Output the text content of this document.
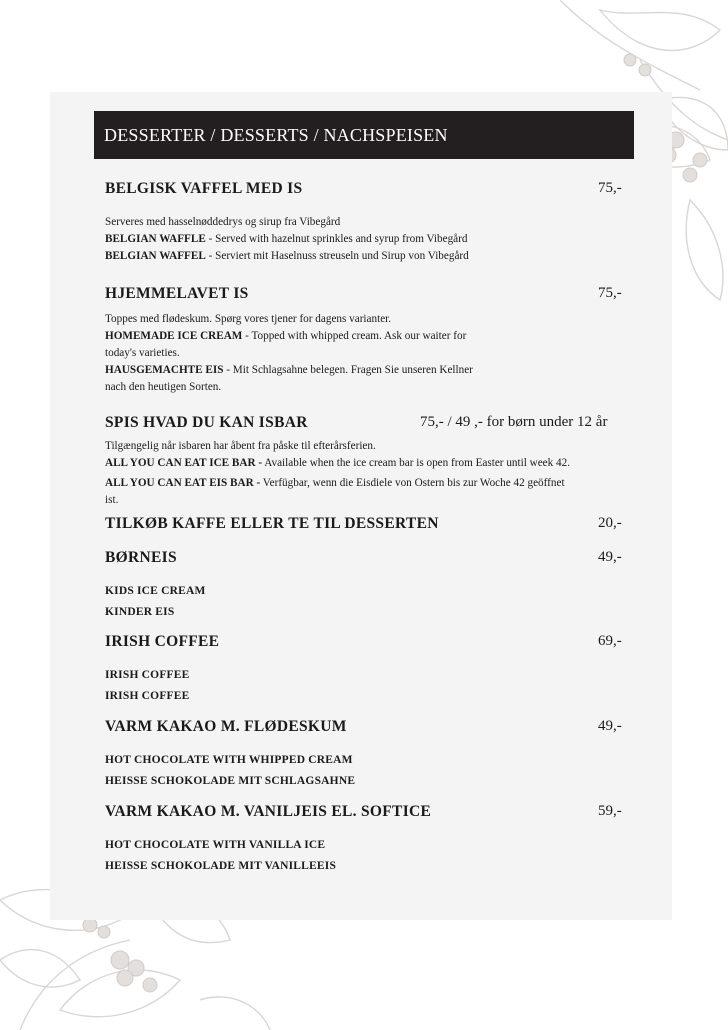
DESSERTER / DESSERTS / NACHSPEISEN
BELGISK VAFFEL MED IS	75,-
Serveres med hasselnøddedrys og sirup fra Vibegård
BELGIAN WAFFLE - Served with hazelnut sprinkles and syrup from Vibegård
BELGIAN WAFFEL - Serviert mit Haselnuss streuseln und Sirup von Vibegård
HJEMMELAVET IS	75,-
Toppes med flødeskum. Spørg vores tjener for dagens varianter.
HOMEMADE ICE CREAM - Topped with whipped cream. Ask our waiter for
today's varieties.
HAUSGEMACHTE EIS - Mit Schlagsahne belegen. Fragen Sie unseren Kellner
nach den heutigen Sorten.
SPIS HVAD DU KAN ISBAR	75,- / 49 ,- for børn under 12 år
Tilgængelig når isbaren har åbent fra påske til efterårsferien.
ALL YOU CAN EAT ICE BAR - Available when the ice cream bar is open from Easter until week 42.
ALL YOU CAN EAT EIS BAR - Verfügbar, wenn die Eisdiele von Ostern bis zur Woche 42 geöffnet
ist.
TILKØB KAFFE ELLER TE TIL DESSERTEN	20,-
BØRNEIS	49,-
KIDS ICE CREAM
KINDER EIS
IRISH COFFEE	69,-
IRISH COFFEE
IRISH COFFEE
VARM KAKAO M. FLØDESKUM	49,-
HOT CHOCOLATE WITH WHIPPED CREAM
HEISSE SCHOKOLADE MIT SCHLAGSAHNE
VARM KAKAO M. VANILJEIS EL. SOFTICE	59,-
HOT CHOCOLATE WITH VANILLA ICE
HEISSE SCHOKOLADE MIT VANILLEEIS
